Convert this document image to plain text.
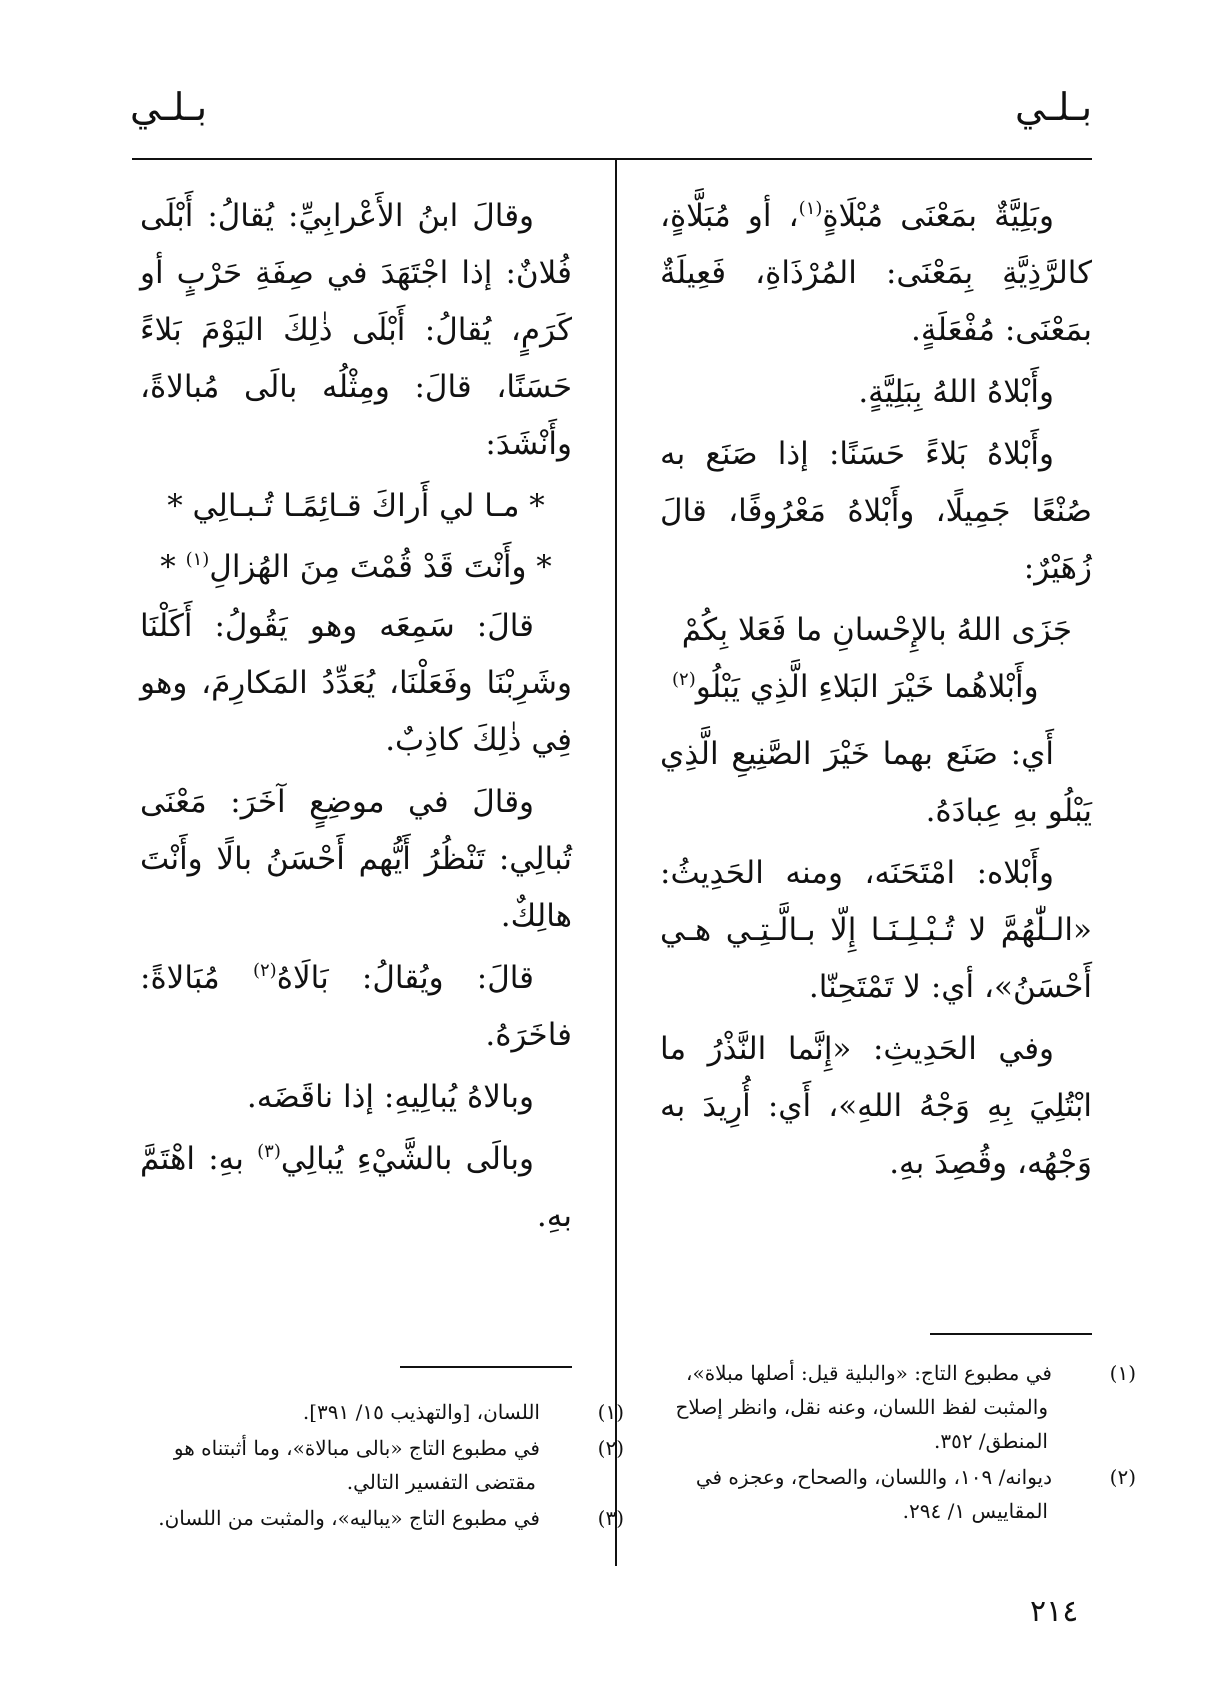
بـلـي
بـلـي

وبَلِيَّةٌ بمَعْنَى مُبْلَاةٍ$^{(١)}$، أو مُبَلَّاةٍ، كالرَّذِيَّةِ بِمَعْنَى: المُرْذَاةِ، فَعِيلَةٌ بمَعْنَى: مُفْعَلَةٍ.

وأَبْلاهُ اللهُ بِبَلِيَّةٍ.

وأَبْلاهُ بَلاءً حَسَنًا: إذا صَنَع به صُنْعًا جَمِيلًا، وأَبْلاهُ مَعْرُوفًا، قالَ زُهَيْرٌ:

جَزَى اللهُ بالإِحْسانِ ما فَعَلا بِكُمْ
وأَبْلاهُما خَيْرَ البَلاءِ الَّذِي يَبْلُو$^{(٢)}$

أَي: صَنَع بهما خَيْرَ الصَّنِيعِ الَّذِي يَبْلُو بهِ عِبادَهُ.

وأَبْلاه: امْتَحَنَه، ومنه الحَدِيثُ: «الـلّٰهُمَّ لا تُـبْـلِـنَـا إِلّا بـالَّـتِـي هـي أَحْسَنُ»، أي: لا تَمْتَحِنّا.

وفي الحَدِيثِ: «إِنَّما النَّذْرُ ما ابْتُلِيَ بِهِ وَجْهُ اللهِ»، أَي: أُرِيدَ به وَجْهُه، وقُصِدَ بهِ.

وقالَ ابنُ الأَعْرابِيِّ: يُقالُ: أَبْلَى فُلانٌ: إذا اجْتَهَدَ في صِفَةِ حَرْبٍ أو كَرَمٍ، يُقالُ: أَبْلَى ذٰلِكَ اليَوْمَ بَلاءً حَسَنًا، قالَ: ومِثْلُه بالَى مُبالاةً، وأَنْشَدَ:

* مـا لي أَراكَ قـائِمًـا تُـبـالِي *
* وأَنْتَ قَدْ قُمْتَ مِنَ الهُزالِ$^{(١)}$ *

قالَ: سَمِعَه وهو يَقُولُ: أَكَلْنَا وشَرِبْنَا وفَعَلْنَا، يُعَدِّدُ المَكارِمَ، وهو فِي ذٰلِكَ كاذِبٌ.

وقالَ في موضِعٍ آخَرَ: مَعْنَى تُبالِي: تَنْظُرُ أَيُّهم أَحْسَنُ بالًا وأَنْتَ هالِكٌ.

قالَ: ويُقالُ: بَالَاهُ$^{(٢)}$ مُبَالاةً: فاخَرَهُ.

وبالاهُ يُبالِيهِ: إذا ناقَضَه.

وبالَى بالشَّيْءِ يُبالِي$^{(٣)}$ بهِ: اهْتَمَّ بهِ.

(١)في مطبوع التاج: «والبلية قيل: أصلها مبلاة»، والمثبت لفظ اللسان، وعنه نقل، وانظر إصلاح المنطق/ ٣٥٢.
(٢)ديوانه/ ١٠٩، واللسان، والصحاح، وعجزه في المقاييس ١/ ٢٩٤.
(١)اللسان، [والتهذيب ١٥/ ٣٩١].
(٢)في مطبوع التاج «بالى مبالاة»، وما أثبتناه هو مقتضى التفسير التالي.
(٣)في مطبوع التاج «يباليه»، والمثبت من اللسان.
٢١٤
